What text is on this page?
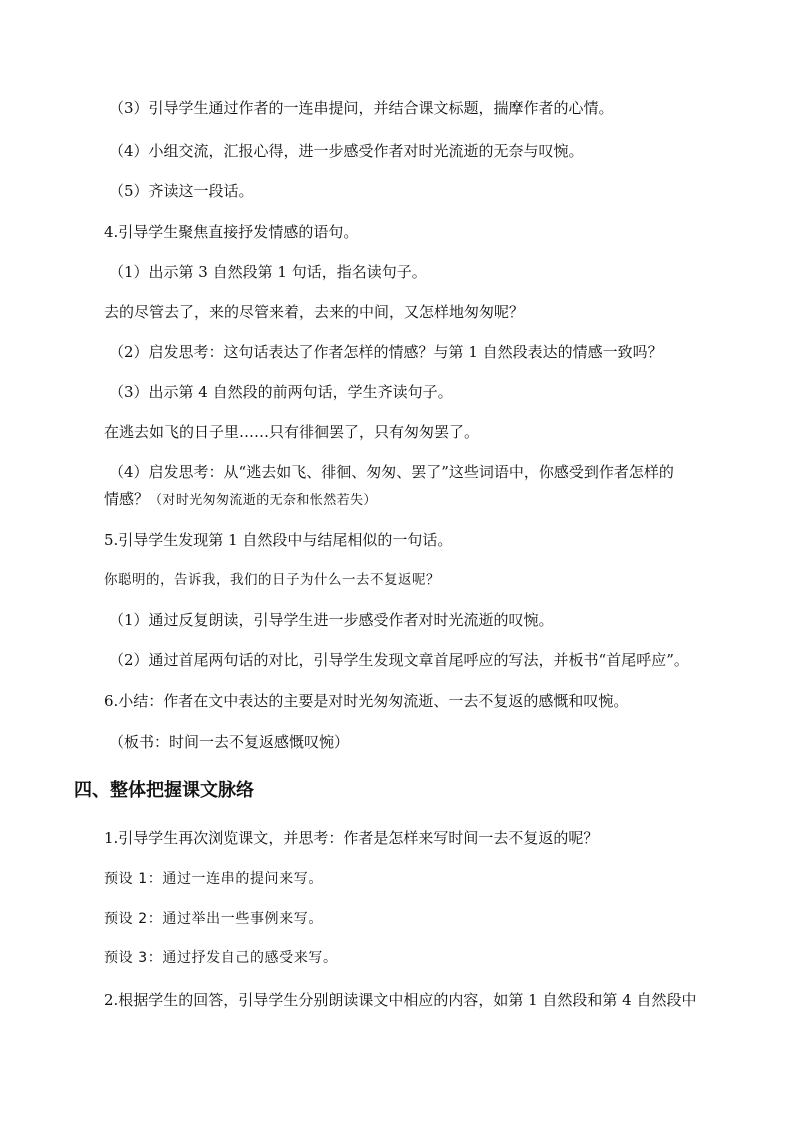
（3）引导学生通过作者的一连串提问，并结合课文标题，揣摩作者的心情。
（4）小组交流，汇报心得，进一步感受作者对时光流逝的无奈与叹惋。
（5）齐读这一段话。
4.引导学生聚焦直接抒发情感的语句。
（1）出示第 3 自然段第 1 句话，指名读句子。
去的尽管去了，来的尽管来着，去来的中间，又怎样地匆匆呢？
（2）启发思考：这句话表达了作者怎样的情感？与第 1 自然段表达的情感一致吗？
（3）出示第 4 自然段的前两句话，学生齐读句子。
在逃去如飞的日子里……只有徘徊罢了，只有匆匆罢了。
（4）启发思考：从“逃去如飞、徘徊、匆匆、罢了”这些词语中，你感受到作者怎样的
情感？（对时光匆匆流逝的无奈和怅然若失）
5.引导学生发现第 1 自然段中与结尾相似的一句话。
你聪明的，告诉我，我们的日子为什么一去不复返呢？
（1）通过反复朗读，引导学生进一步感受作者对时光流逝的叹惋。
（2）通过首尾两句话的对比，引导学生发现文章首尾呼应的写法，并板书“首尾呼应”。
6.小结：作者在文中表达的主要是对时光匆匆流逝、一去不复返的感慨和叹惋。
（板书：时间一去不复返感慨叹惋）
四、整体把握课文脉络
1.引导学生再次浏览课文，并思考：作者是怎样来写时间一去不复返的呢？
预设 1：通过一连串的提问来写。
预设 2：通过举出一些事例来写。
预设 3：通过抒发自己的感受来写。
2.根据学生的回答，引导学生分别朗读课文中相应的内容，如第 1 自然段和第 4 自然段中
